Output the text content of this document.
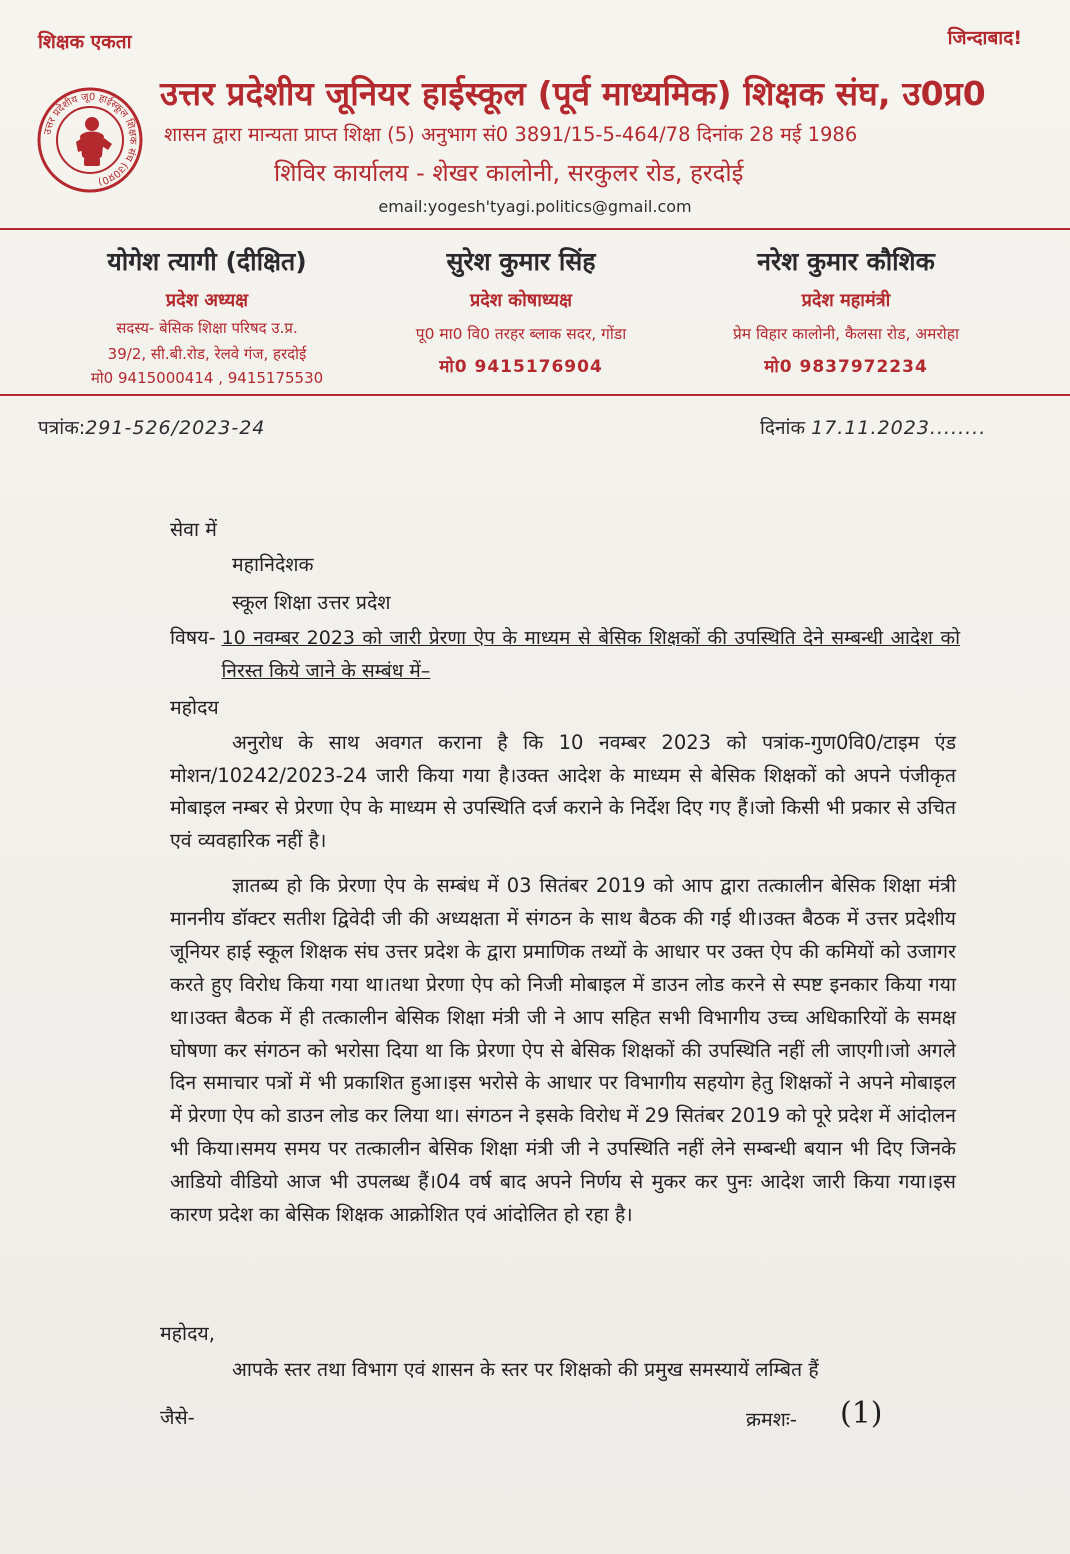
शिक्षक एकता	जिन्दाबाद!
उत्तर प्रदेशीय जू0 हाईस्कूल शिक्षक संघ (उ0प्र0)
उत्तर प्रदेशीय जूनियर हाईस्कूल (पूर्व माध्यमिक) शिक्षक संघ, उ0प्र0
शासन द्वारा मान्यता प्राप्त शिक्षा (5) अनुभाग सं0 3891/15-5-464/78 दिनांक 28 मई 1986
शिविर कार्यालय - शेखर कालोनी, सरकुलर रोड, हरदोई
email:yogesh'tyagi.politics@gmail.com
योगेश त्यागी (दीक्षित)
प्रदेश अध्यक्ष
सदस्य- बेसिक शिक्षा परिषद उ.प्र.
39/2, सी.बी.रोड, रेलवे गंज, हरदोई
मो0 9415000414 , 9415175530
सुरेश कुमार सिंह
प्रदेश कोषाध्यक्ष
पू0 मा0 वि0 तरहर ब्लाक सदर, गोंडा
मो0 9415176904
नरेश कुमार कौशिक
प्रदेश महामंत्री
प्रेम विहार कालोनी, कैलसा रोड, अमरोहा
मो0 9837972234
पत्रांक:291-526/2023-24	दिनांक 17.11.2023........
सेवा में
महानिदेशक
स्कूल शिक्षा उत्तर प्रदेश
विषय- 10 नवम्बर 2023 को जारी प्रेरणा ऐप के माध्यम से बेसिक शिक्षकों की उपस्थिति देने सम्बन्धी आदेश को निरस्त किये जाने के सम्बंध में–
महोदय
अनुरोध के साथ अवगत कराना है कि 10 नवम्बर 2023 को पत्रांक-गुण0वि0/टाइम एंड मोशन/10242/2023-24 जारी किया गया है।उक्त आदेश के माध्यम से बेसिक शिक्षकों को अपने पंजीकृत मोबाइल नम्बर से प्रेरणा ऐप के माध्यम से उपस्थिति दर्ज कराने के निर्देश दिए गए हैं।जो किसी भी प्रकार से उचित एवं व्यवहारिक नहीं है।
ज्ञातब्य हो कि प्रेरणा ऐप के सम्बंध में 03 सितंबर 2019 को आप द्वारा तत्कालीन बेसिक शिक्षा मंत्री माननीय डॉक्टर सतीश द्विवेदी जी की अध्यक्षता में संगठन के साथ बैठक की गई थी।उक्त बैठक में उत्तर प्रदेशीय जूनियर हाई स्कूल शिक्षक संघ उत्तर प्रदेश के द्वारा प्रमाणिक तथ्यों के आधार पर उक्त ऐप की कमियों को उजागर करते हुए विरोध किया गया था।तथा प्रेरणा ऐप को निजी मोबाइल में डाउन लोड करने से स्पष्ट इनकार किया गया था।उक्त बैठक में ही तत्कालीन बेसिक शिक्षा मंत्री जी ने आप सहित सभी विभागीय उच्च अधिकारियों के समक्ष घोषणा कर संगठन को भरोसा दिया था कि प्रेरणा ऐप से बेसिक शिक्षकों की उपस्थिति नहीं ली जाएगी।जो अगले दिन समाचार पत्रों में भी प्रकाशित हुआ।इस भरोसे के आधार पर विभागीय सहयोग हेतु शिक्षकों ने अपने मोबाइल में प्रेरणा ऐप को डाउन लोड कर लिया था। संगठन ने इसके विरोध में 29 सितंबर 2019 को पूरे प्रदेश में आंदोलन भी किया।समय समय पर तत्कालीन बेसिक शिक्षा मंत्री जी ने उपस्थिति नहीं लेने सम्बन्धी बयान भी दिए जिनके आडियो वीडियो आज भी उपलब्ध हैं।04 वर्ष बाद अपने निर्णय से मुकर कर पुनः आदेश जारी किया गया।इस कारण प्रदेश का बेसिक शिक्षक आक्रोशित एवं आंदोलित हो रहा है।
महोदय,
आपके स्तर तथा विभाग एवं शासन के स्तर पर शिक्षको की प्रमुख समस्यायें लम्बित हैं
जैसे-	क्रमशः- (1)
